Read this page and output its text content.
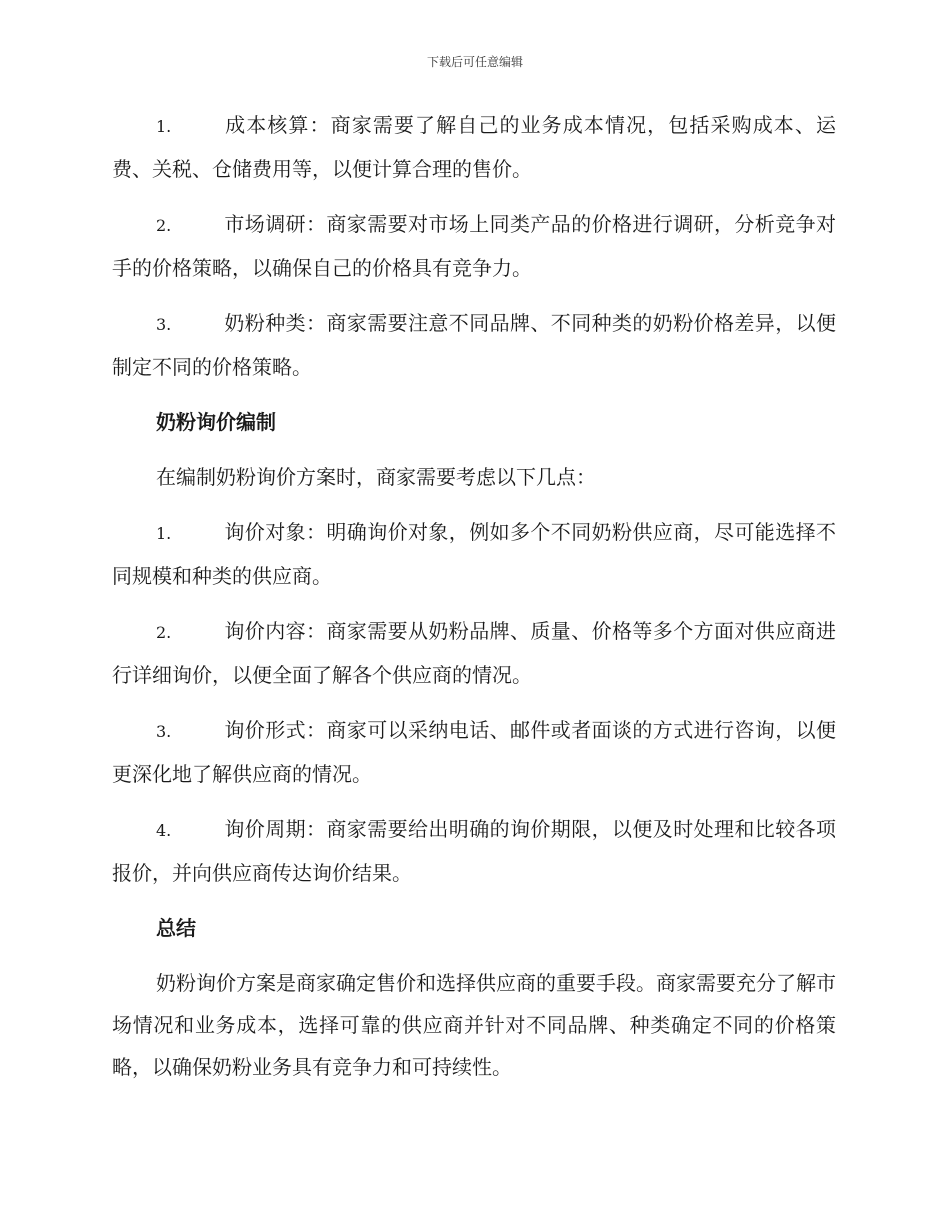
下载后可任意编辑
1.	成本核算：商家需要了解自己的业务成本情况，包括采购成本、运费、关税、仓储费用等，以便计算合理的售价。
2.	市场调研：商家需要对市场上同类产品的价格进行调研，分析竞争对手的价格策略，以确保自己的价格具有竞争力。
3.	奶粉种类：商家需要注意不同品牌、不同种类的奶粉价格差异，以便制定不同的价格策略。
奶粉询价编制
在编制奶粉询价方案时，商家需要考虑以下几点：
1.	询价对象：明确询价对象，例如多个不同奶粉供应商，尽可能选择不同规模和种类的供应商。
2.	询价内容：商家需要从奶粉品牌、质量、价格等多个方面对供应商进行详细询价，以便全面了解各个供应商的情况。
3.	询价形式：商家可以采纳电话、邮件或者面谈的方式进行咨询，以便更深化地了解供应商的情况。
4.	询价周期：商家需要给出明确的询价期限，以便及时处理和比较各项报价，并向供应商传达询价结果。
总结
奶粉询价方案是商家确定售价和选择供应商的重要手段。商家需要充分了解市场情况和业务成本，选择可靠的供应商并针对不同品牌、种类确定不同的价格策略，以确保奶粉业务具有竞争力和可持续性。
